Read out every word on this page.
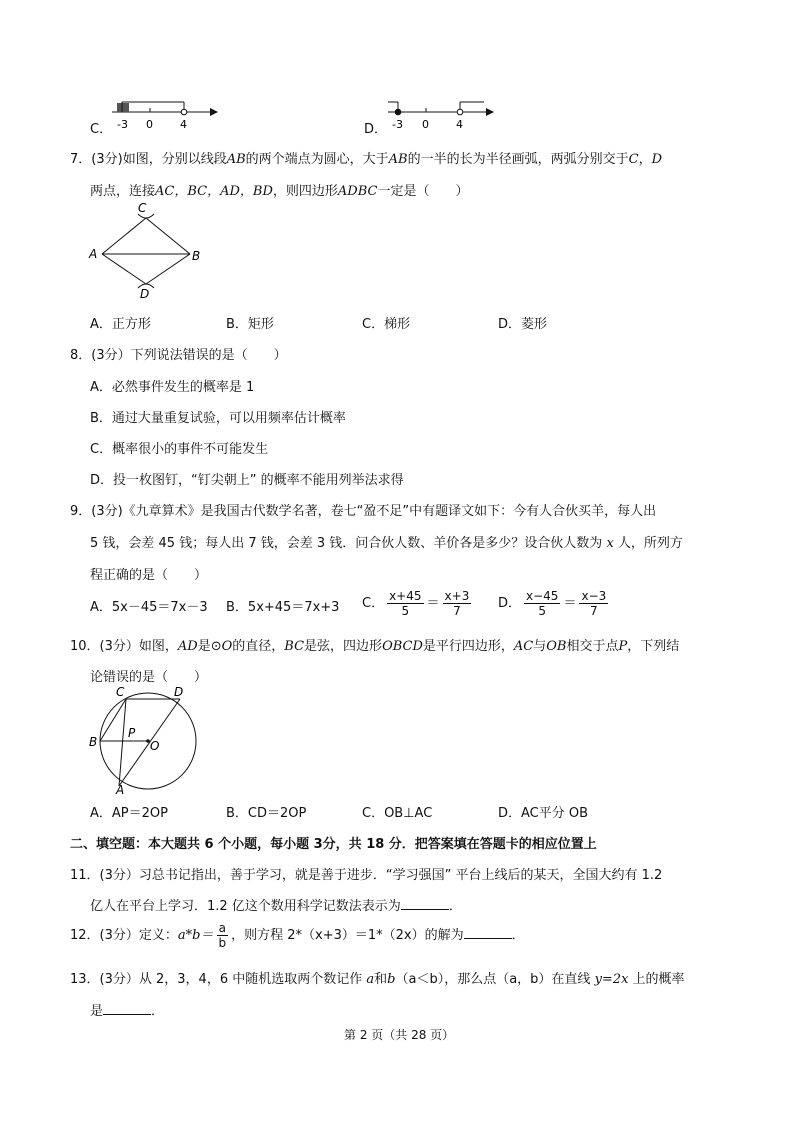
C． -3 0 4	D． -3 0 4
7．(3分)如图，分别以线段AB的两个端点为圆心，大于AB的一半的长为半径画弧，两弧分别交于C，D
两点，连接AC，BC，AD，BD，则四边形ADBC一定是（　　）
A	B
C
D
A．正方形	B．矩形	C．梯形	D．菱形
8．(3分）下列说法错误的是（　　）
A．必然事件发生的概率是 1
B．通过大量重复试验，可以用频率估计概率
C．概率很小的事件不可能发生
D．投一枚图钉，“钉尖朝上” 的概率不能用列举法求得
9．(3分)《九章算术》是我国古代数学名著，卷七“盈不足”中有题译文如下：今有人合伙买羊，每人出
5 钱，会差 45 钱；每人出 7 钱，会差 3 钱．问合伙人数、羊价各是多少？设合伙人数为 x 人，所列方
程正确的是（　　）
A．5x－45＝7x－3 B．5x+45＝7x+3 C． $\frac{x+45}{5} = \frac{x+3}{7}$ D． $\frac{x-45}{5} = \frac{x-3}{7}$
10．(3分）如图，AD是⊙O的直径，BC是弦，四边形OBCD是平行四边形，AC与OB相交于点P，下列结
论错误的是（　　）
C	D
B
P
O
A
A．AP＝2OP	B．CD＝2OP	C．OB⊥AC	D．AC平分 OB
二、填空题：本大题共 6 个小题，每小题 3分，共 18 分．把答案填在答题卡的相应位置上
11．(3分）习总书记指出，善于学习，就是善于进步．“学习强国” 平台上线后的某天，全国大约有 1.2
亿人在平台上学习．1.2 亿这个数用科学记数法表示为	．
12．(3分）定义：$a*b= \frac{a}{b}$ ，则方程 2*（x+3）＝1*（2x）的解为	．
13．(3分）从 2，3，4，6 中随机选取两个数记作 a和b（a＜b），那么点（a，b）在直线 y=2x 上的概率
是	．
第 2 页（共 28 页）
